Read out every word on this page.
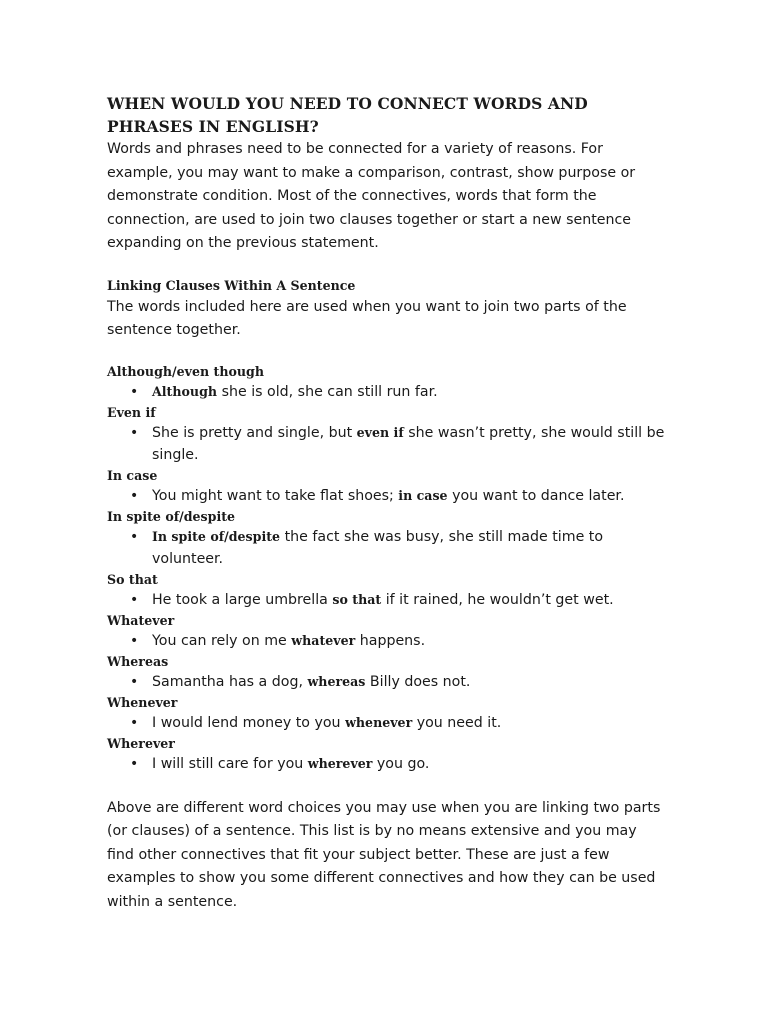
WHEN WOULD YOU NEED TO CONNECT WORDS AND PHRASES IN ENGLISH?

Words and phrases need to be connected for a variety of reasons. For example, you may want to make a comparison, contrast, show purpose or demonstrate condition. Most of the connectives, words that form the connection, are used to join two clauses together or start a new sentence expanding on the previous statement.

Linking Clauses Within A Sentence

The words included here are used when you want to join two parts of the sentence together.

Although/even though

• Although she is old, she can still run far.

Even if

• She is pretty and single, but even if she wasn’t pretty, she would still be single.

In case

• You might want to take flat shoes; in case you want to dance later.

In spite of/despite

• In spite of/despite the fact she was busy, she still made time to volunteer.

So that

• He took a large umbrella so that if it rained, he wouldn’t get wet.

Whatever

• You can rely on me whatever happens.

Whereas

• Samantha has a dog, whereas Billy does not.

Whenever

• I would lend money to you whenever you need it.

Wherever

• I will still care for you wherever you go.

Above are different word choices you may use when you are linking two parts (or clauses) of a sentence. This list is by no means extensive and you may find other connectives that fit your subject better. These are just a few examples to show you some different connectives and how they can be used within a sentence.
